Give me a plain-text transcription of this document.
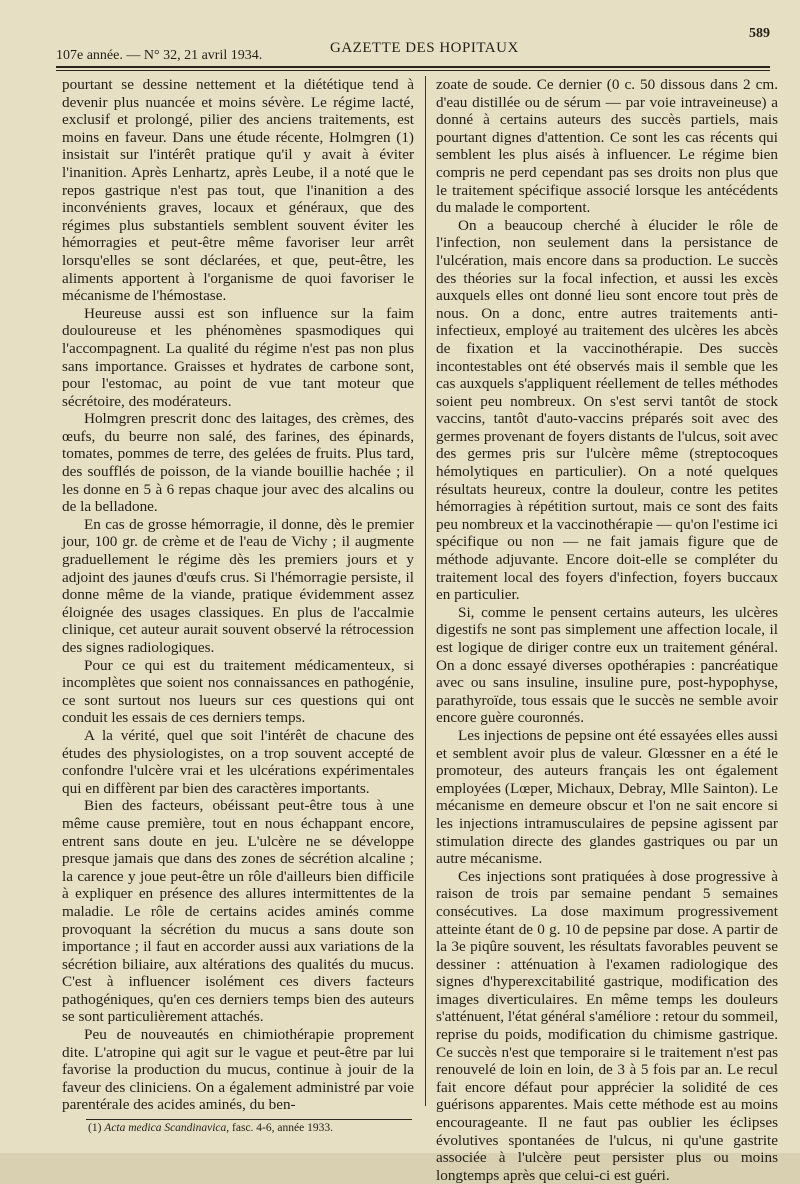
107e année. — N° 32, 21 avril 1934.	GAZETTE DES HOPITAUX
589

pourtant se dessine nettement et la diététique tend à devenir plus nuancée et moins sévère. Le régime lacté, exclusif et prolongé, pilier des anciens traitements, est moins en faveur. Dans une étude récente, Holmgren (1) insistait sur l'intérêt pratique qu'il y avait à éviter l'inanition. Après Lenhartz, après Leube, il a noté que le repos gastrique n'est pas tout, que l'inanition a des inconvénients graves, locaux et généraux, que des régimes plus substantiels semblent souvent éviter les hémorragies et peut-être même favoriser leur arrêt lorsqu'elles se sont déclarées, et que, peut-être, les aliments apportent à l'organisme de quoi favoriser le mécanisme de l'hémostase.

Heureuse aussi est son influence sur la faim douloureuse et les phénomènes spasmodiques qui l'accompagnent. La qualité du régime n'est pas non plus sans importance. Graisses et hydrates de carbone sont, pour l'estomac, au point de vue tant moteur que sécrétoire, des modérateurs.

Holmgren prescrit donc des laitages, des crèmes, des œufs, du beurre non salé, des farines, des épinards, tomates, pommes de terre, des gelées de fruits. Plus tard, des soufflés de poisson, de la viande bouillie hachée ; il les donne en 5 à 6 repas chaque jour avec des alcalins ou de la belladone.

En cas de grosse hémorragie, il donne, dès le premier jour, 100 gr. de crème et de l'eau de Vichy ; il augmente graduellement le régime dès les premiers jours et y adjoint des jaunes d'œufs crus. Si l'hémorragie persiste, il donne même de la viande, pratique évidemment assez éloignée des usages classiques. En plus de l'accalmie clinique, cet auteur aurait souvent observé la rétrocession des signes radiologiques.

Pour ce qui est du traitement médicamenteux, si incomplètes que soient nos connaissances en pathogénie, ce sont surtout nos lueurs sur ces questions qui ont conduit les essais de ces derniers temps.

A la vérité, quel que soit l'intérêt de chacune des études des physiologistes, on a trop souvent accepté de confondre l'ulcère vrai et les ulcérations expérimentales qui en diffèrent par bien des caractères importants.

Bien des facteurs, obéissant peut-être tous à une même cause première, tout en nous échappant encore, entrent sans doute en jeu. L'ulcère ne se développe presque jamais que dans des zones de sécrétion alcaline ; la carence y joue peut-être un rôle d'ailleurs bien difficile à expliquer en présence des allures intermittentes de la maladie. Le rôle de certains acides aminés comme provoquant la sécrétion du mucus a sans doute son importance ; il faut en accorder aussi aux variations de la sécrétion biliaire, aux altérations des qualités du mucus. C'est à influencer isolément ces divers facteurs pathogéniques, qu'en ces derniers temps bien des auteurs se sont particulièrement attachés.

Peu de nouveautés en chimiothérapie proprement dite. L'atropine qui agit sur le vague et peut-être par lui favorise la production du mucus, continue à jouir de la faveur des cliniciens. On a également administré par voie parentérale des acides aminés, du ben-

zoate de soude. Ce dernier (0 c. 50 dissous dans 2 cm. d'eau distillée ou de sérum — par voie intraveineuse) a donné à certains auteurs des succès partiels, mais pourtant dignes d'attention. Ce sont les cas récents qui semblent les plus aisés à influencer. Le régime bien compris ne perd cependant pas ses droits non plus que le traitement spécifique associé lorsque les antécédents du malade le comportent.

On a beaucoup cherché à élucider le rôle de l'infection, non seulement dans la persistance de l'ulcération, mais encore dans sa production. Le succès des théories sur la focal infection, et aussi les excès auxquels elles ont donné lieu sont encore tout près de nous. On a donc, entre autres traitements anti-infectieux, employé au traitement des ulcères les abcès de fixation et la vaccinothérapie. Des succès incontestables ont été observés mais il semble que les cas auxquels s'appliquent réellement de telles méthodes soient peu nombreux. On s'est servi tantôt de stock vaccins, tantôt d'auto-vaccins préparés soit avec des germes provenant de foyers distants de l'ulcus, soit avec des germes pris sur l'ulcère même (streptocoques hémolytiques en particulier). On a noté quelques résultats heureux, contre la douleur, contre les petites hémorragies à répétition surtout, mais ce sont des faits peu nombreux et la vaccinothérapie — qu'on l'estime ici spécifique ou non — ne fait jamais figure que de méthode adjuvante. Encore doit-elle se compléter du traitement local des foyers d'infection, foyers buccaux en particulier.

Si, comme le pensent certains auteurs, les ulcères digestifs ne sont pas simplement une affection locale, il est logique de diriger contre eux un traitement général. On a donc essayé diverses opothérapies : pancréatique avec ou sans insuline, insuline pure, post-hypophyse, parathyroïde, tous essais que le succès ne semble avoir encore guère couronnés.

Les injections de pepsine ont été essayées elles aussi et semblent avoir plus de valeur. Glœssner en a été le promoteur, des auteurs français les ont également employées (Lœper, Michaux, Debray, Mlle Sainton). Le mécanisme en demeure obscur et l'on ne sait encore si les injections intramusculaires de pepsine agissent par stimulation directe des glandes gastriques ou par un autre mécanisme.

Ces injections sont pratiquées à dose progressive à raison de trois par semaine pendant 5 semaines consécutives. La dose maximum progressivement atteinte étant de 0 g. 10 de pepsine par dose. A partir de la 3e piqûre souvent, les résultats favorables peuvent se dessiner : atténuation à l'examen radiologique des signes d'hyperexcitabilité gastrique, modification des images diverticulaires. En même temps les douleurs s'atténuent, l'état général s'améliore : retour du sommeil, reprise du poids, modification du chimisme gastrique. Ce succès n'est que temporaire si le traitement n'est pas renouvelé de loin en loin, de 3 à 5 fois par an. Le recul fait encore défaut pour apprécier la solidité de ces guérisons apparentes. Mais cette méthode est au moins encourageante. Il ne faut pas oublier les éclipses évolutives spontanées de l'ulcus, ni qu'une gastrite associée à l'ulcère peut persister plus ou moins longtemps après que celui-ci est guéri.

(1) Acta medica Scandinavica, fasc. 4-6, année 1933.
